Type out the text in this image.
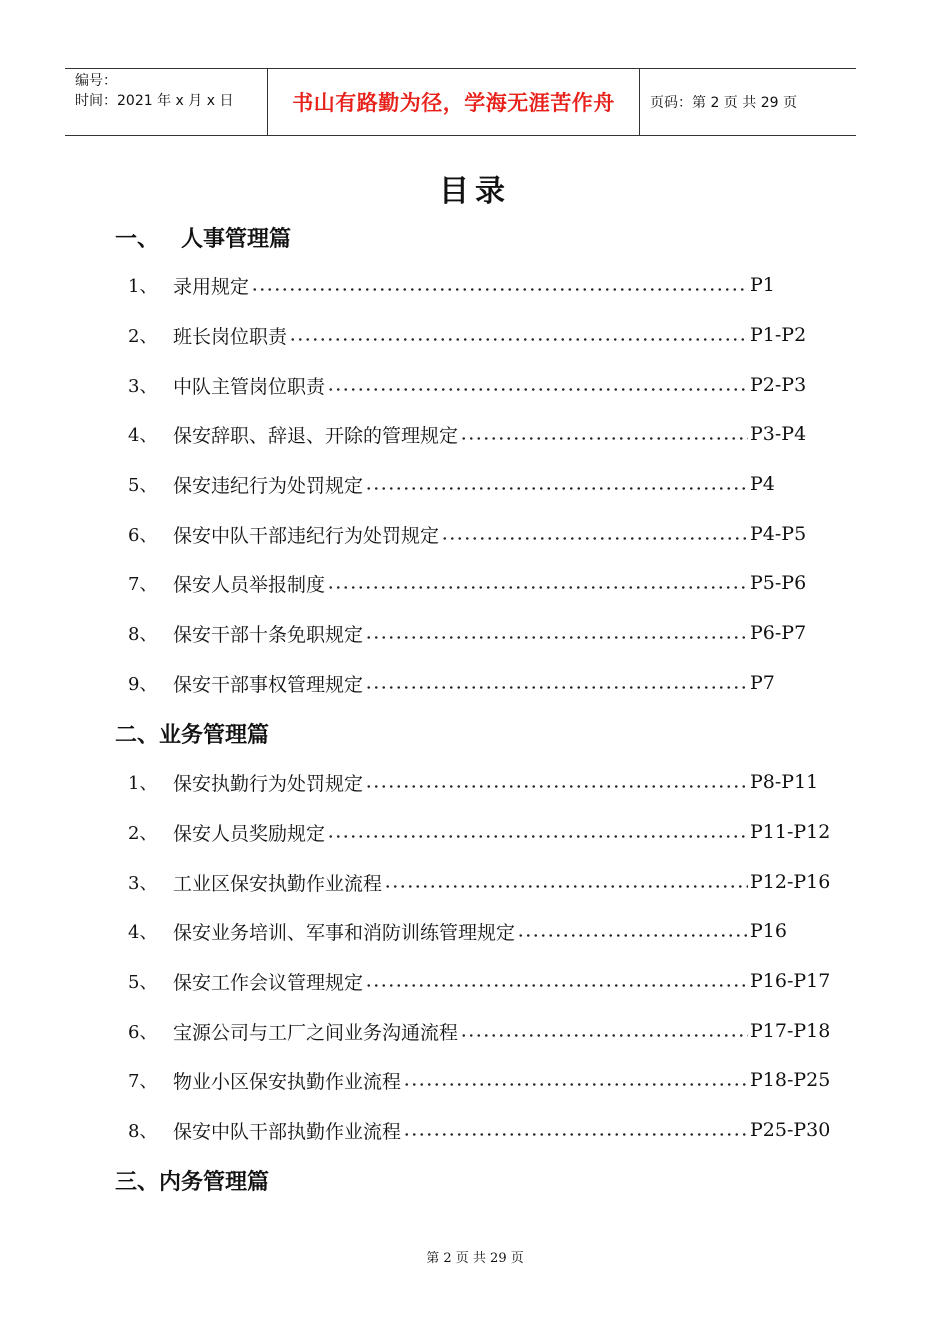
编号：
时间：2021 年 x 月 x 日	书山有路勤为径，学海无涯苦作舟	页码：第 2 页 共 29 页
目录
一、 人事管理篇
1、 录用规定	P1
2、 班长岗位职责	P1-P2
3、 中队主管岗位职责	P2-P3
4、 保安辞职、辞退、开除的管理规定	P3-P4
5、 保安违纪行为处罚规定	P4
6、 保安中队干部违纪行为处罚规定	P4-P5
7、 保安人员举报制度	P5-P6
8、 保安干部十条免职规定	P6-P7
9、 保安干部事权管理规定	P7
二、业务管理篇
1、 保安执勤行为处罚规定	P8-P11
2、 保安人员奖励规定	P11-P12
3、 工业区保安执勤作业流程	P12-P16
4、 保安业务培训、军事和消防训练管理规定	P16
5、 保安工作会议管理规定	P16-P17
6、 宝源公司与工厂之间业务沟通流程	P17-P18
7、 物业小区保安执勤作业流程	P18-P25
8、 保安中队干部执勤作业流程	P25-P30
三、内务管理篇
第 2 页 共 29 页
